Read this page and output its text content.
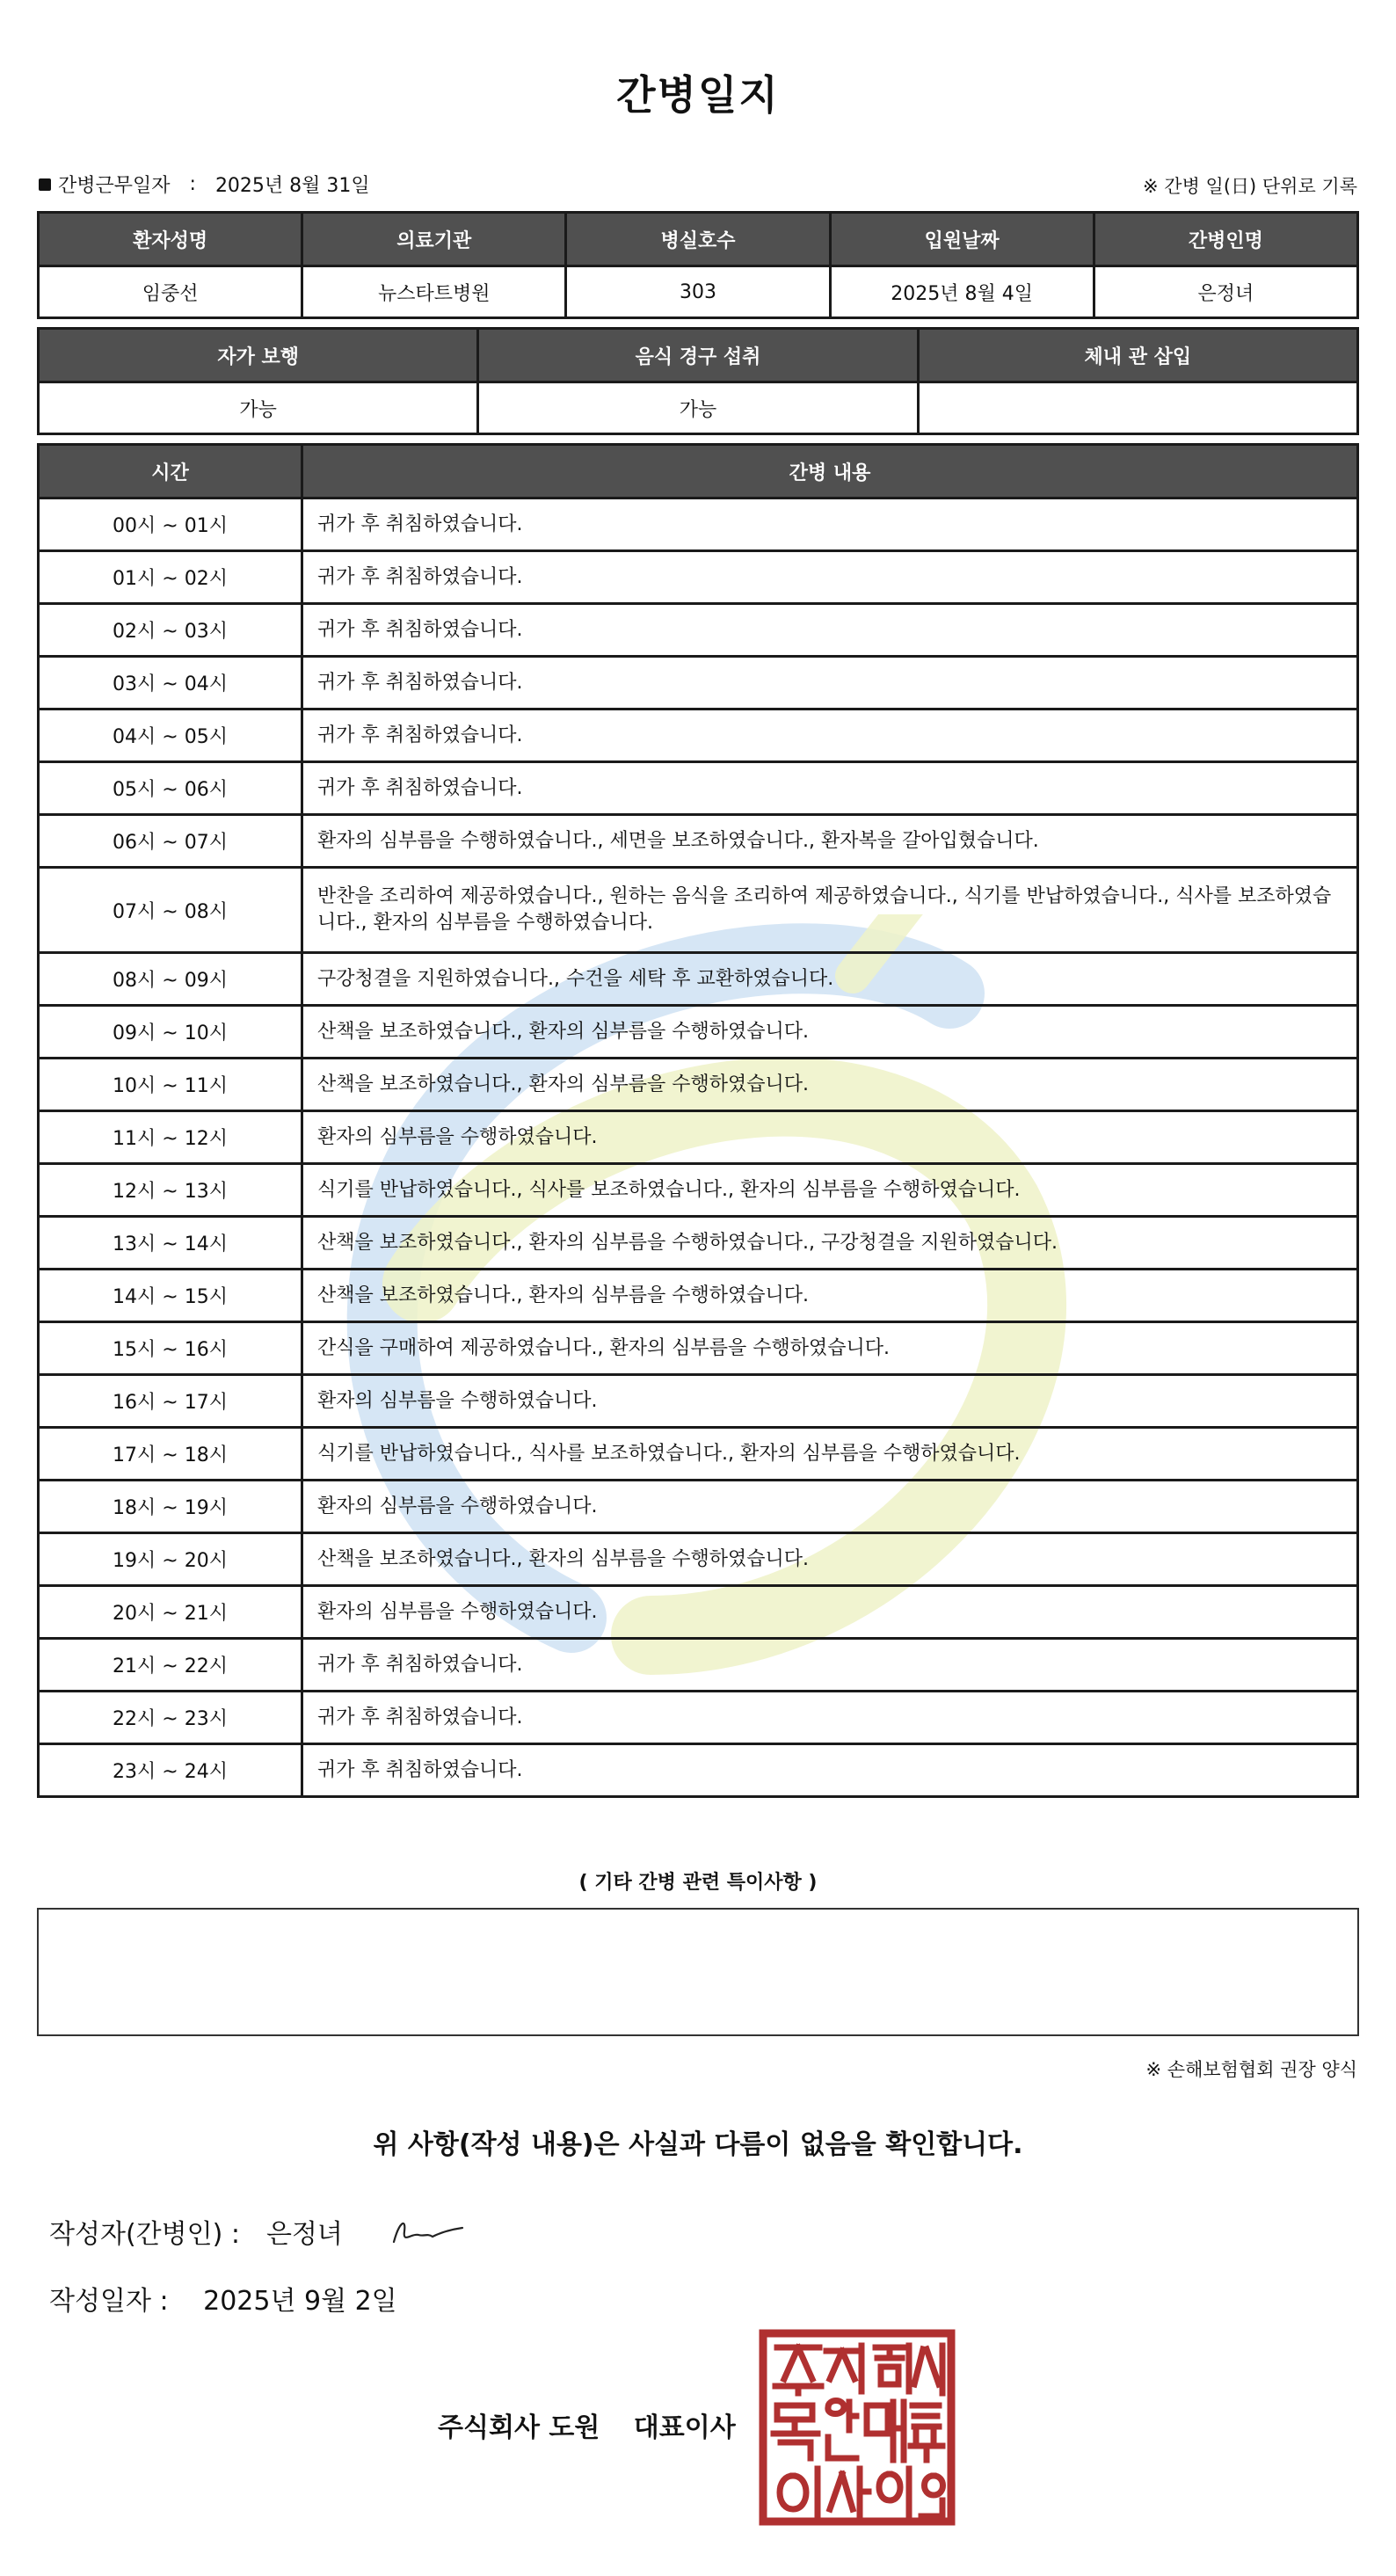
간병일지
간병근무일자 : 2025년 8월 31일	※ 간병 일(日) 단위로 기록
환자성명	의료기관	병실호수	입원날짜	간병인명
임중선	뉴스타트병원	303	2025년 8월 4일	은정녀
자가 보행	음식 경구 섭취	체내 관 삽입
가능	가능	
시간	간병 내용
00시 ~ 01시	귀가 후 취침하였습니다.
01시 ~ 02시	귀가 후 취침하였습니다.
02시 ~ 03시	귀가 후 취침하였습니다.
03시 ~ 04시	귀가 후 취침하였습니다.
04시 ~ 05시	귀가 후 취침하였습니다.
05시 ~ 06시	귀가 후 취침하였습니다.
06시 ~ 07시	환자의 심부름을 수행하였습니다., 세면을 보조하였습니다., 환자복을 갈아입혔습니다.
07시 ~ 08시	반찬을 조리하여 제공하였습니다., 원하는 음식을 조리하여 제공하였습니다., 식기를 반납하였습니다., 식사를 보조하였습니다., 환자의 심부름을 수행하였습니다.
08시 ~ 09시	구강청결을 지원하였습니다., 수건을 세탁 후 교환하였습니다.
09시 ~ 10시	산책을 보조하였습니다., 환자의 심부름을 수행하였습니다.
10시 ~ 11시	산책을 보조하였습니다., 환자의 심부름을 수행하였습니다.
11시 ~ 12시	환자의 심부름을 수행하였습니다.
12시 ~ 13시	식기를 반납하였습니다., 식사를 보조하였습니다., 환자의 심부름을 수행하였습니다.
13시 ~ 14시	산책을 보조하였습니다., 환자의 심부름을 수행하였습니다., 구강청결을 지원하였습니다.
14시 ~ 15시	산책을 보조하였습니다., 환자의 심부름을 수행하였습니다.
15시 ~ 16시	간식을 구매하여 제공하였습니다., 환자의 심부름을 수행하였습니다.
16시 ~ 17시	환자의 심부름을 수행하였습니다.
17시 ~ 18시	식기를 반납하였습니다., 식사를 보조하였습니다., 환자의 심부름을 수행하였습니다.
18시 ~ 19시	환자의 심부름을 수행하였습니다.
19시 ~ 20시	산책을 보조하였습니다., 환자의 심부름을 수행하였습니다.
20시 ~ 21시	환자의 심부름을 수행하였습니다.
21시 ~ 22시	귀가 후 취침하였습니다.
22시 ~ 23시	귀가 후 취침하였습니다.
23시 ~ 24시	귀가 후 취침하였습니다.
( 기타 간병 관련 특이사항 )
※ 손해보험협회 권장 양식
위 사항(작성 내용)은 사실과 다름이 없음을 확인합니다.
작성자(간병인) : 은정녀
작성일자 : 2025년 9월 2일
주식회사 도원 대표이사
